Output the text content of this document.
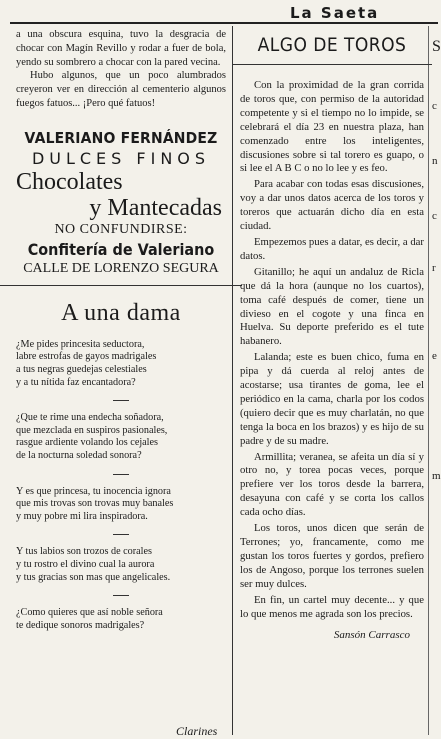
La Saeta

a una obscura esquina, tuvo la desgracia de chocar con Magín Revillo y rodar a fuer de bola, yendo su sombrero a chocar con la pared vecina.

Hubo algunos, que un poco alumbrados creyeron ver en dirección al cementerio algunos fuegos fatuos... ¡Pero qué fatuos!

VALERIANO FERNÁNDEZ
DULCES FINOS
Chocolates
y Mantecadas
NO CONFUNDIRSE:
Confitería de Valeriano
CALLE DE LORENZO SEGURA
A una dama
¿Me pides princesita seductora,
labre estrofas de gayos madrigales
a tus negras guedejas celestiales
y a tu nítida faz encantadora?
¿Que te rime una endecha soñadora,
que mezclada en suspiros pasionales,
rasgue ardiente volando los cejales
de la nocturna soledad sonora?
Y es que princesa, tu inocencia ignora
que mis trovas son trovas muy banales
y muy pobre mi lira inspiradora.
Y tus labios son trozos de corales
y tu rostro el divino cual la aurora
y tus gracias son mas que angelicales.
¿Como quieres que así noble señora
te dedique sonoros madrigales?
Clarines
ALGO DE TOROS

Con la proximidad de la gran corrida de toros que, con permiso de la autoridad competente y si el tiempo no lo impide, se celebrará el día 23 en nuestra plaza, han comenzado entre los inteligentes, discusiones sobre si tal torero es guapo, o si lee el A B C o no lo lee y es feo.

Para acabar con todas esas discusiones, voy a dar unos datos acerca de los toros y toreros que actuarán dicho día en esta ciudad.

Empezemos pues a datar, es decir, a dar datos.

Gitanillo; he aquí un andaluz de Ricla que dá la hora (aunque no los cuartos), toma café después de comer, tiene un diviesо en el cogote y una finca en Huelva. Su deporte preferido es el tute habanero.

Lalanda; este es buen chico, fuma en pipa y dá cuerda al reloj antes de acostarse; usa tirantes de goma, lee el periódico en la cama, charla por los codos (quiero decir que es muy charlatán, no que tenga la boca en los brazos) y es hijo de su padre y de su madre.

Armillita; veranea, se afeita un día sí y otro no, y torea pocas veces, porque prefiere ver los toros desde la barrera, desayuna con café y se corta los callos cada ocho días.

Los toros, unos dicen que serán de Terrones; yo, francamente, como me gustan los toros fuertes y gordos, prefiero los de Angoso, porque los terrones suelen ser muy dulces.

En fin, un cartel muy decente... y que lo que menos me agrada son los precios.

Sansón Carrasco
S
c
n
c
r
e
m
